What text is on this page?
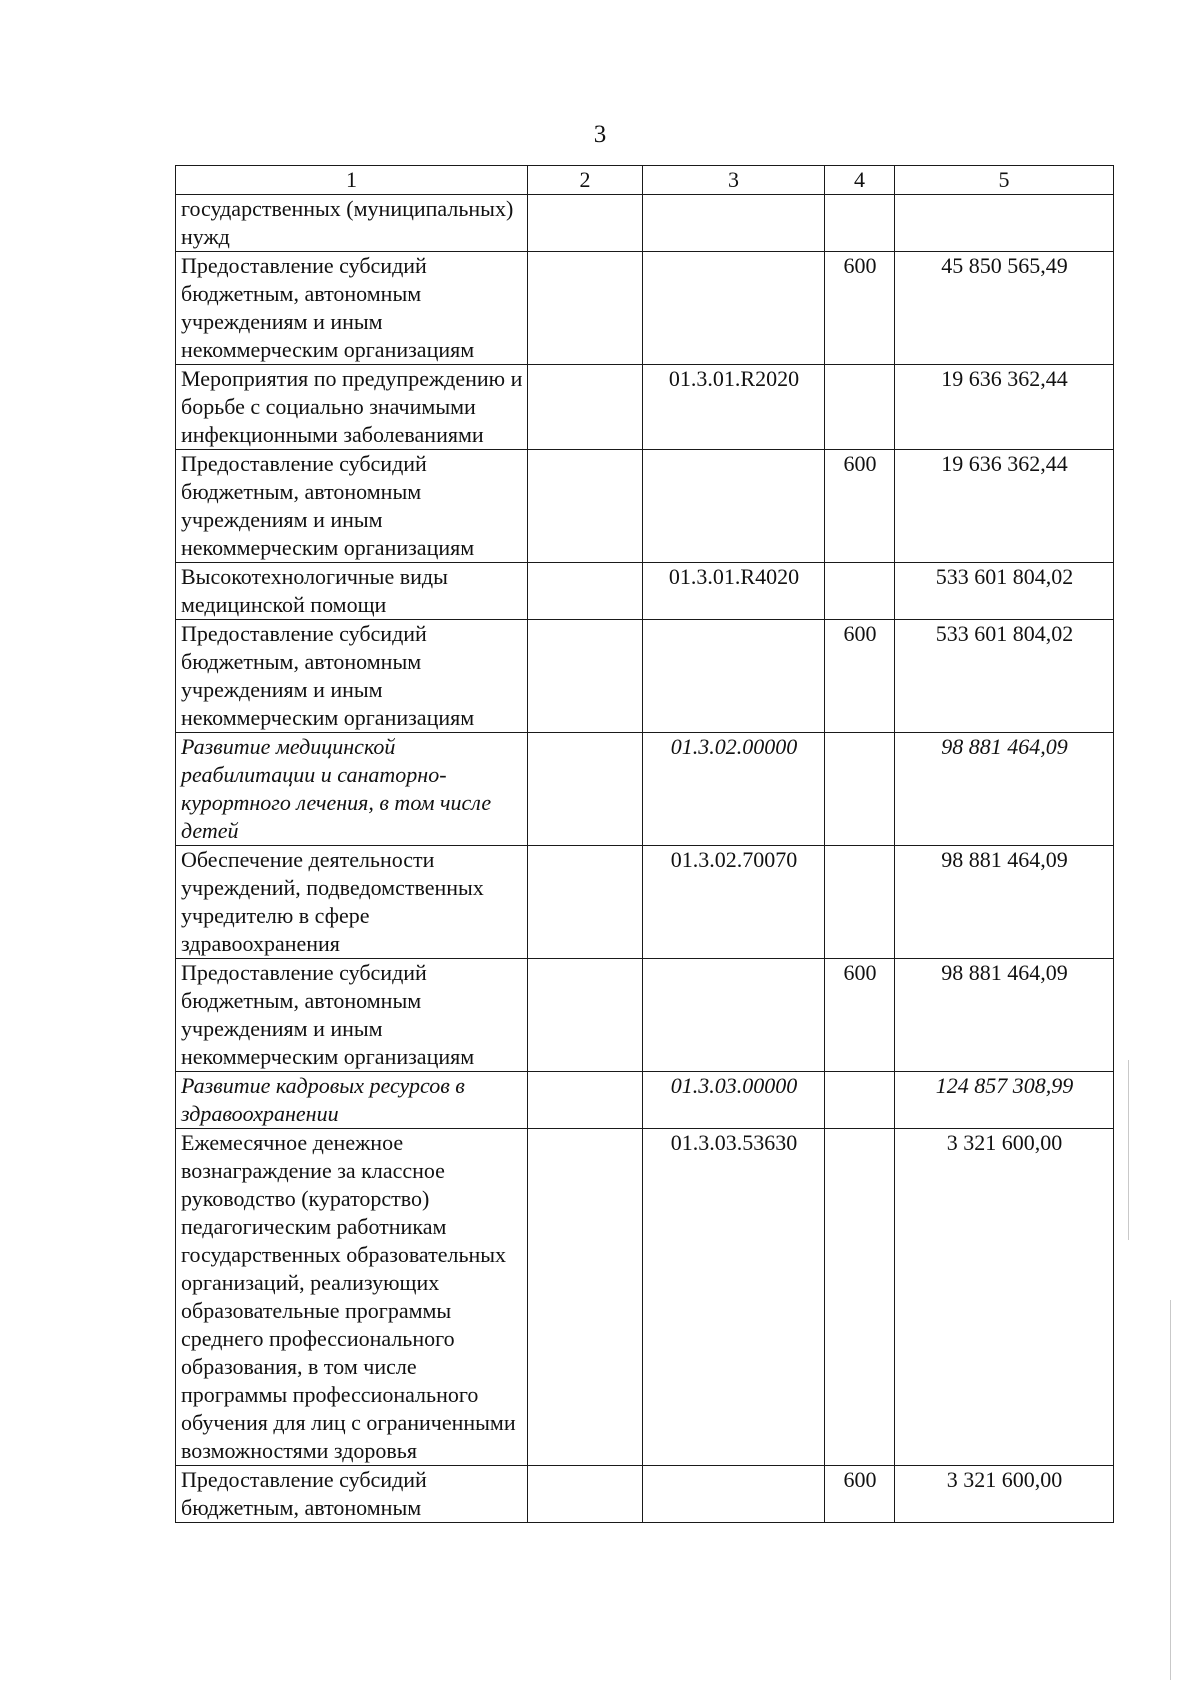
3
1	2	3	4	5
государственных (муниципальных) нужд				
Предоставление субсидий бюджетным, автономным учреждениям и иным некоммерческим организациям			600	45 850 565,49
Мероприятия по предупреждению и борьбе с социально значимыми инфекционными заболеваниями		01.3.01.R2020		19 636 362,44
Предоставление субсидий бюджетным, автономным учреждениям и иным некоммерческим организациям			600	19 636 362,44
Высокотехнологичные виды медицинской помощи		01.3.01.R4020		533 601 804,02
Предоставление субсидий бюджетным, автономным учреждениям и иным некоммерческим организациям			600	533 601 804,02
Развитие медицинской реабилитации и санаторно-курортного лечения, в том числе детей		01.3.02.00000		98 881 464,09
Обеспечение деятельности учреждений, подведомственных учредителю в сфере здравоохранения		01.3.02.70070		98 881 464,09
Предоставление субсидий бюджетным, автономным учреждениям и иным некоммерческим организациям			600	98 881 464,09
Развитие кадровых ресурсов в здравоохранении		01.3.03.00000		124 857 308,99
Ежемесячное денежное вознаграждение за классное руководство (кураторство) педагогическим работникам государственных образовательных организаций, реализующих образовательные программы среднего профессионального образования, в том числе программы профессионального обучения для лиц с ограниченными возможностями здоровья		01.3.03.53630		3 321 600,00
Предоставление субсидий бюджетным, автономным			600	3 321 600,00
